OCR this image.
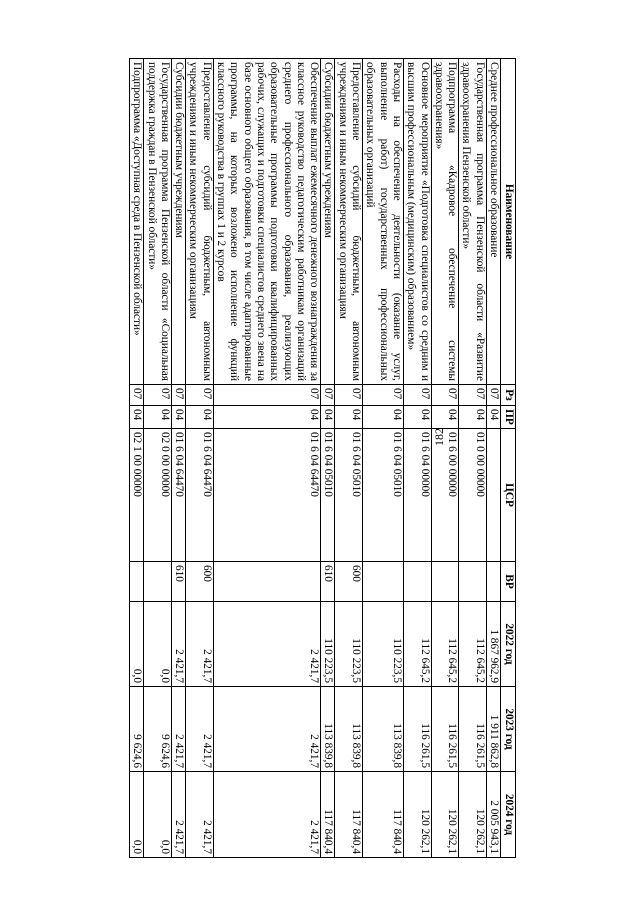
182
Наименование	Рз	ПР	ЦСР	ВР	2022 год	2023 год	2024 год
Среднее профессиональное образование	07	04			1 867 962,9	1 911 862,8	2 005 943,1
Государственная программа Пензенской области «Развитие здравоохранения Пензенской области»	07	04	01 0 00 00000		112 645,2	116 261,5	120 262,1
Подпрограмма «Кадровое обеспечение системы здравоохранения»	07	04	01 6 00 00000		112 645,2	116 261,5	120 262,1
Основное мероприятие «Подготовка специалистов со средним и высшим профессиональным (медицинским) образованием»	07	04	01 6 04 00000		112 645,2	116 261,5	120 262,1
Расходы на обеспечение деятельности (оказание услуг, выполнение работ) государственных профессиональных образовательных организаций	07	04	01 6 04 05010		110 223,5	113 839,8	117 840,4
Предоставление субсидий бюджетным, автономным учреждениям и иным некоммерческим организациям	07	04	01 6 04 05010	600	110 223,5	113 839,8	117 840,4
Субсидии бюджетным учреждениям	07	04	01 6 04 05010	610	110 223,5	113 839,8	117 840,4
Обеспечение выплат ежемесячного денежного вознаграждения за классное руководство педагогическим работникам организаций среднего профессионального образования, реализующих образовательные программы подготовки квалифицированных рабочих, служащих и подготовки специалистов среднего звена на базе основного общего образования, в том числе адаптированные программы, на которых возложено исполнение функций классного руководства в группах 1 и 2 курсов	07	04	01 6 04 64470		2 421,7	2 421,7	2 421,7
Предоставление субсидий бюджетным, автономным учреждениям и иным некоммерческим организациям	07	04	01 6 04 64470	600	2 421,7	2 421,7	2 421,7
Субсидии бюджетным учреждениям	07	04	01 6 04 64470	610	2 421,7	2 421,7	2 421,7
Государственная программа Пензенской области «Социальная поддержка граждан в Пензенской области»	07	04	02 0 00 00000		0,0	9 624,6	0,0
Подпрограмма «Доступная среда в Пензенской области»	07	04	02 1 00 00000		0,0	9 624,6	0,0
